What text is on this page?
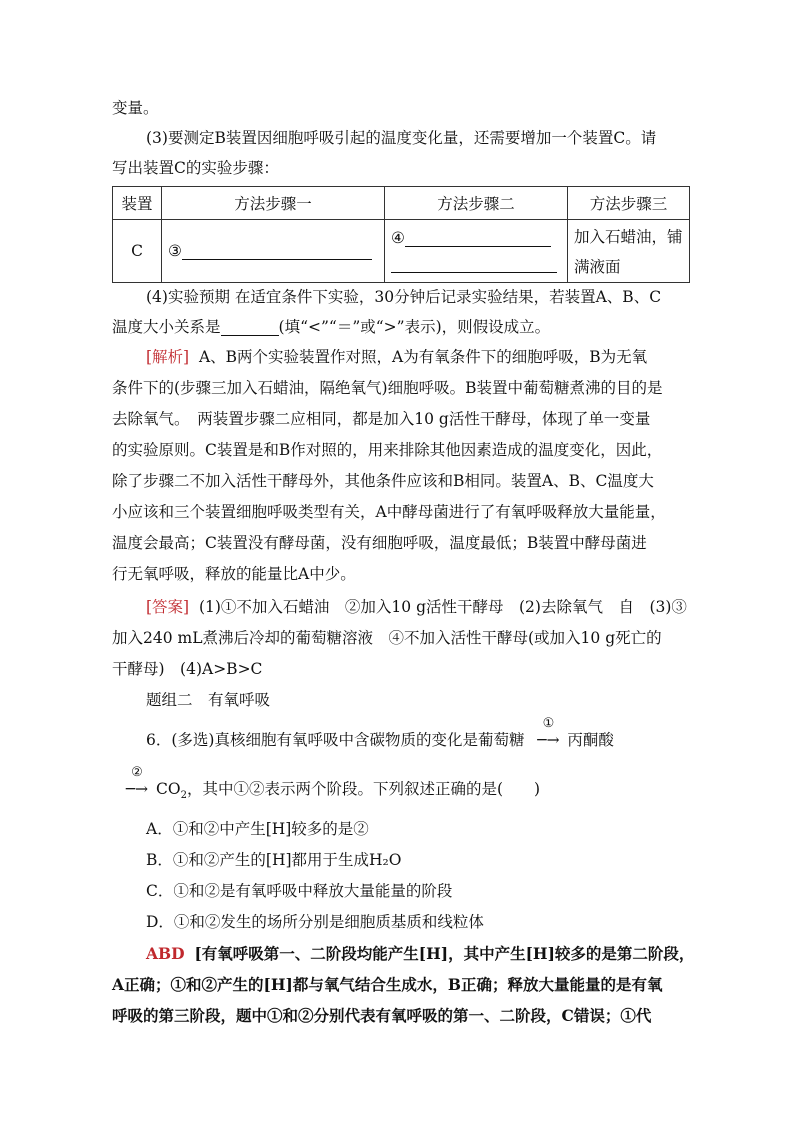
变量。
(3)要测定B装置因细胞呼吸引起的温度变化量，还需要增加一个装置C。请
写出装置C的实验步骤：
装置	方法步骤一	方法步骤二	方法步骤三
C	③	④	加入石蜡油，铺
满液面
(4)实验预期 在适宜条件下实验，30分钟后记录实验结果，若装置A、B、C
温度大小关系是	(填“<”“＝”或“>”表示)，则假设成立。
[解析] A、B两个实验装置作对照，A为有氧条件下的细胞呼吸，B为无氧
条件下的(步骤三加入石蜡油，隔绝氧气)细胞呼吸。B装置中葡萄糖煮沸的目的是
去除氧气。　两装置步骤二应相同，都是加入10 g活性干酵母，体现了单一变量
的实验原则。C装置是和B作对照的，用来排除其他因素造成的温度变化，因此，
除了步骤二不加入活性干酵母外，其他条件应该和B相同。装置A、B、C温度大
小应该和三个装置细胞呼吸类型有关，A中酵母菌进行了有氧呼吸释放大量能量，
温度会最高；C装置没有酵母菌，没有细胞呼吸，温度最低；B装置中酵母菌进
行无氧呼吸，释放的能量比A中少。
[答案] (1)①不加入石蜡油　②加入10 g活性干酵母　(2)去除氧气　自　(3)③
加入240 mL煮沸后冷却的葡萄糖溶液　④不加入活性干酵母(或加入10 g死亡的
干酵母)　(4)A>B>C
题组二　有氧呼吸
6．(多选)真核细胞有氧呼吸中含碳物质的变化是葡萄糖
①
─→ 丙酮酸
②
─→ $CO_2$，其中①②表示两个阶段。下列叙述正确的是(　　)
A．①和②中产生[H]较多的是②
B．①和②产生的[H]都用于生成H₂O
C．①和②是有氧呼吸中释放大量能量的阶段
D．①和②发生的场所分别是细胞质基质和线粒体
ABD [有氧呼吸第一、二阶段均能产生[H]，其中产生[H]较多的是第二阶段，
A正确；①和②产生的[H]都与氧气结合生成水，B正确；释放大量能量的是有氧
呼吸的第三阶段，题中①和②分别代表有氧呼吸的第一、二阶段，C错误；①代
